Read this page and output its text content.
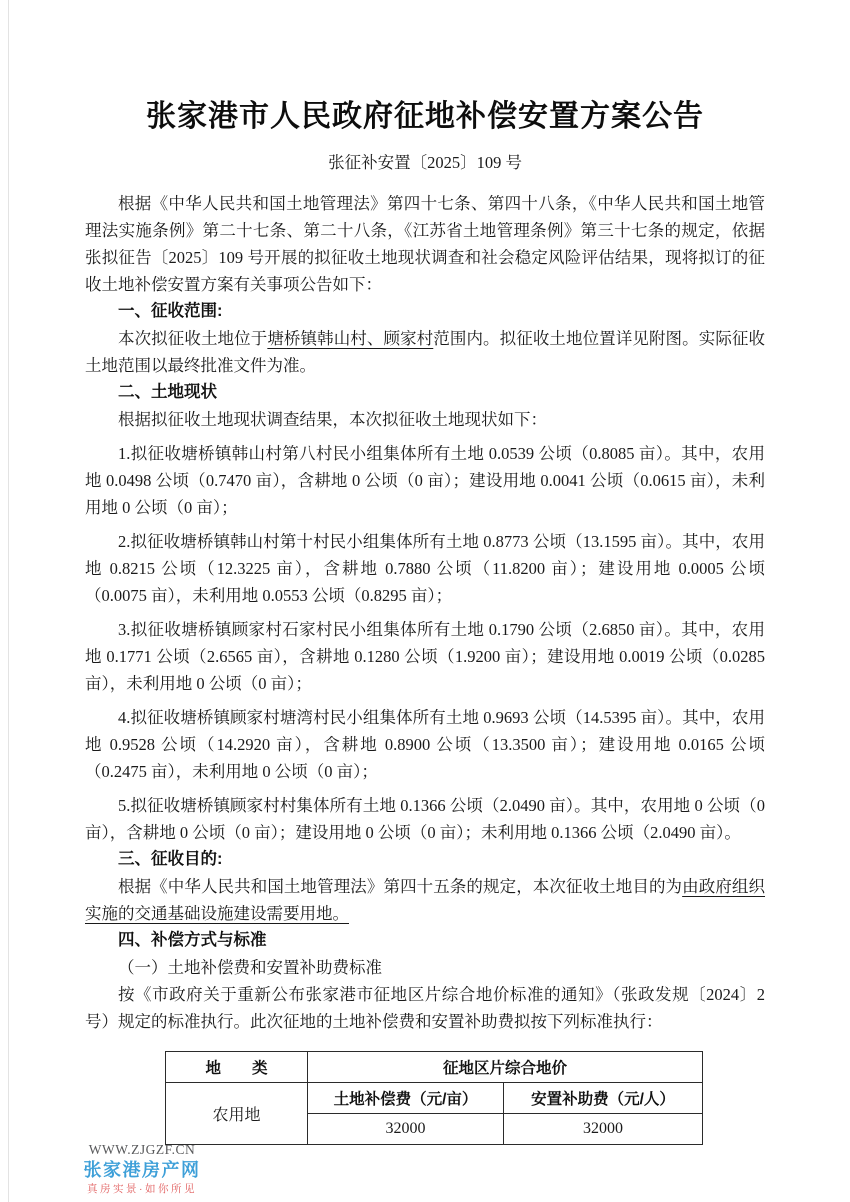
张家港市人民政府征地补偿安置方案公告
张征补安置〔2025〕109 号

根据《中华人民共和国土地管理法》第四十七条、第四十八条，《中华人民共和国土地管理法实施条例》第二十七条、第二十八条，《江苏省土地管理条例》第三十七条的规定，依据张拟征告〔2025〕109 号开展的拟征收土地现状调查和社会稳定风险评估结果，现将拟订的征收土地补偿安置方案有关事项公告如下：

一、征收范围:

本次拟征收土地位于塘桥镇韩山村、顾家村范围内。拟征收土地位置详见附图。实际征收土地范围以最终批准文件为准。

二、土地现状

根据拟征收土地现状调查结果，本次拟征收土地现状如下：

1.拟征收塘桥镇韩山村第八村民小组集体所有土地 0.0539 公顷（0.8085 亩）。其中，农用地 0.0498 公顷（0.7470 亩），含耕地 0 公顷（0 亩）；建设用地 0.0041 公顷（0.0615 亩），未利用地 0 公顷（0 亩）；

2.拟征收塘桥镇韩山村第十村民小组集体所有土地 0.8773 公顷（13.1595 亩）。其中，农用地 0.8215 公顷（12.3225 亩），含耕地 0.7880 公顷（11.8200 亩）；建设用地 0.0005 公顷（0.0075 亩），未利用地 0.0553 公顷（0.8295 亩）；

3.拟征收塘桥镇顾家村石家村民小组集体所有土地 0.1790 公顷（2.6850 亩）。其中，农用地 0.1771 公顷（2.6565 亩），含耕地 0.1280 公顷（1.9200 亩）；建设用地 0.0019 公顷（0.0285 亩），未利用地 0 公顷（0 亩）；

4.拟征收塘桥镇顾家村塘湾村民小组集体所有土地 0.9693 公顷（14.5395 亩）。其中，农用地 0.9528 公顷（14.2920 亩），含耕地 0.8900 公顷（13.3500 亩）；建设用地 0.0165 公顷（0.2475 亩），未利用地 0 公顷（0 亩）；

5.拟征收塘桥镇顾家村村集体所有土地 0.1366 公顷（2.0490 亩）。其中，农用地 0 公顷（0 亩），含耕地 0 公顷（0 亩）；建设用地 0 公顷（0 亩）；未利用地 0.1366 公顷（2.0490 亩）。

三、征收目的:

根据《中华人民共和国土地管理法》第四十五条的规定，本次征收土地目的为由政府组织实施的交通基础设施建设需要用地。

四、补偿方式与标准

（一）土地补偿费和安置补助费标准

按《市政府关于重新公布张家港市征地区片综合地价标准的通知》（张政发规〔2024〕2 号）规定的标准执行。此次征地的土地补偿费和安置补助费拟按下列标准执行：

地　　类	征地区片综合地价	
农用地	土地补偿费（元/亩）	安置补助费（元/人）
	32000	32000
WWW.ZJGZF.CN
张家港房产网
真房实景·如你所见
